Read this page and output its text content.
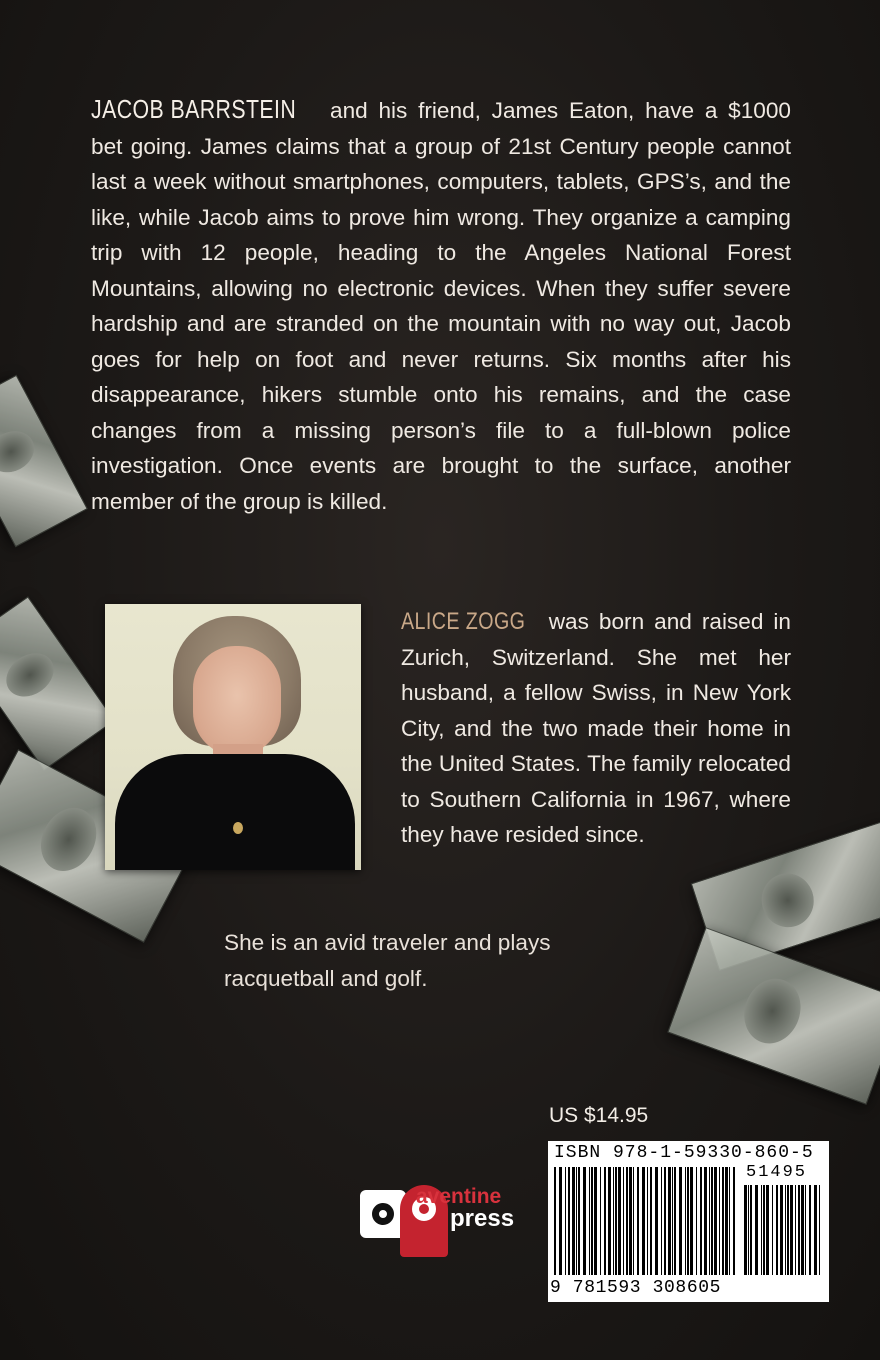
JACOB BARRSTEIN and his friend, James Eaton, have a $1000 bet going. James claims that a group of 21st Century people cannot last a week without smartphones, computers, tablets, GPS’s, and the like, while Jacob aims to prove him wrong. They organize a camping trip with 12 people, heading to the Angeles National Forest Mountains, allowing no electronic devices. When they suffer severe hardship and are stranded on the mountain with no way out, Jacob goes for help on foot and never returns. Six months after his disappearance, hikers stumble onto his remains, and the case changes from a missing person’s file to a full-blown police investigation. Once events are brought to the surface, another member of the group is killed.

ALICE ZOGG was born and raised in Zurich, Switzerland. She met her husband, a fellow Swiss, in New York City, and the two made their home in the United States. The family relocated to Southern California in 1967, where they have resided since.

She is an avid traveler and plays racquetball and golf.

US $14.95
ISBN 978-1-59330-860-5
51495
9 781593 308605
aventine
press
